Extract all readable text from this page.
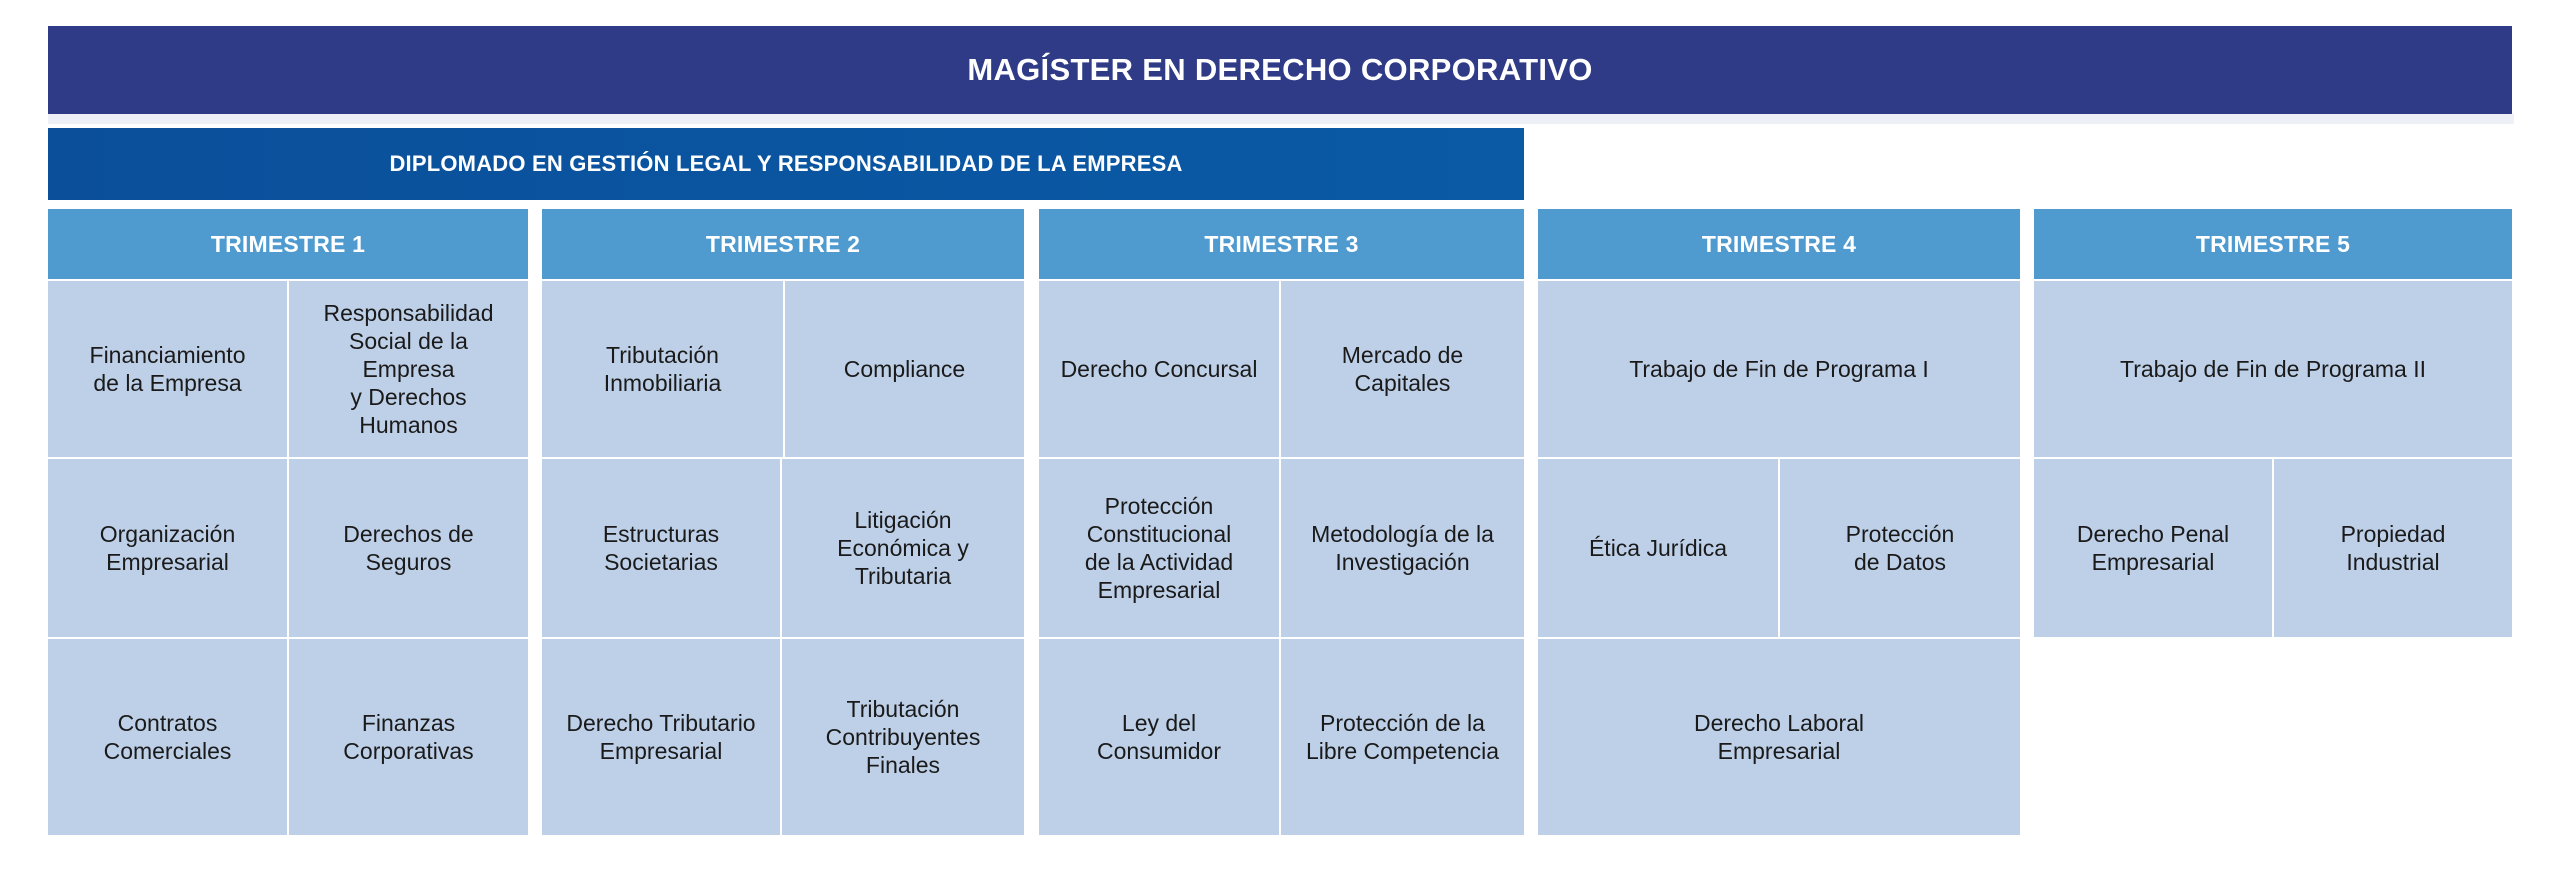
MAGÍSTER EN DERECHO CORPORATIVO
DIPLOMADO EN GESTIÓN LEGAL Y RESPONSABILIDAD DE LA EMPRESA
TRIMESTRE 1
Financiamiento
de la Empresa
Responsabilidad
Social de la
Empresa
y Derechos
Humanos
Organización
Empresarial
Derechos de
Seguros
Contratos
Comerciales
Finanzas
Corporativas
TRIMESTRE 2
Tributación
Inmobiliaria
Compliance
Estructuras
Societarias
Litigación
Económica y
Tributaria
Derecho Tributario
Empresarial
Tributación
Contribuyentes
Finales
TRIMESTRE 3
Derecho Concursal
Mercado de
Capitales
Protección
Constitucional
de la Actividad
Empresarial
Metodología de la
Investigación
Ley del
Consumidor
Protección de la
Libre Competencia
TRIMESTRE 4
Trabajo de Fin de Programa I
Ética Jurídica
Protección
de Datos
Derecho Laboral
Empresarial
TRIMESTRE 5
Trabajo de Fin de Programa II
Derecho Penal
Empresarial
Propiedad
Industrial
